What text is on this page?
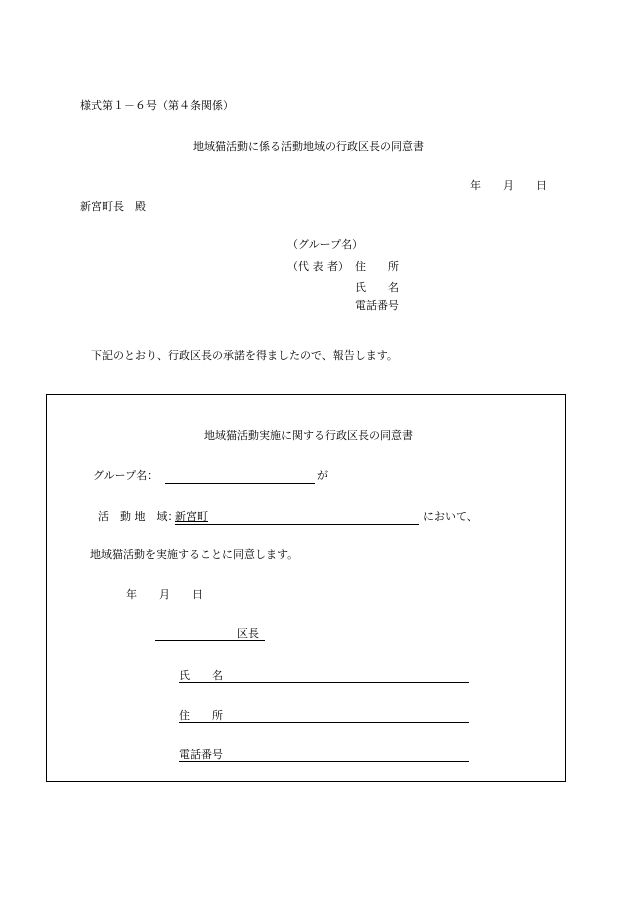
様式第１－６号（第４条関係）
地域猫活動に係る活動地域の行政区長の同意書
年　　月　　日
新宮町長　殿
（グループ名）
（代 表 者） 住　　所
氏　　名
電話番号
下記のとおり、行政区長の承諾を得ましたので、報告します。
地域猫活動実施に関する行政区長の同意書
グループ名：	が
活　動 地　域：
新宮町	において、
地域猫活動を実施することに同意します。
年　　月　　日
区長
氏　　名
住　　所
電話番号
